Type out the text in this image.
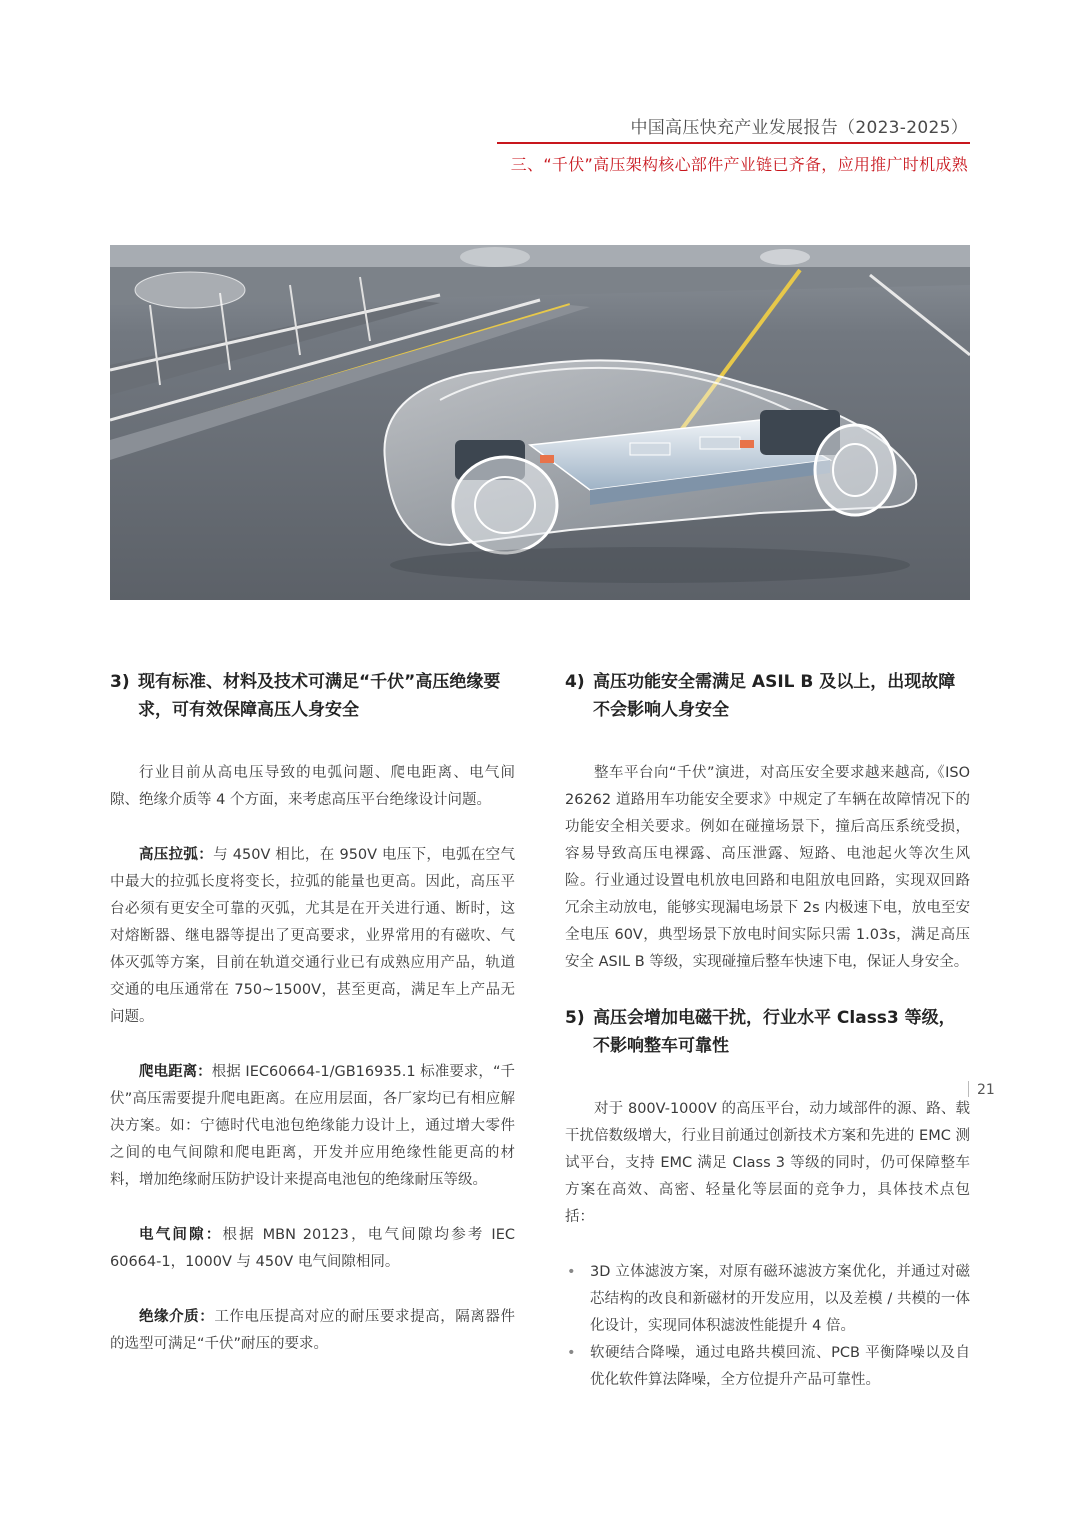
中国高压快充产业发展报告（2023-2025）
三、“千伏”高压架构核心部件产业链已齐备，应用推广时机成熟
3) 现有标准、材料及技术可满足“千伏”高压绝缘要求，可有效保障高压人身安全

行业目前从高电压导致的电弧问题、爬电距离、电气间隙、绝缘介质等 4 个方面，来考虑高压平台绝缘设计问题。

高压拉弧：与 450V 相比，在 950V 电压下，电弧在空气中最大的拉弧长度将变长，拉弧的能量也更高。因此，高压平台必须有更安全可靠的灭弧，尤其是在开关进行通、断时，这对熔断器、继电器等提出了更高要求，业界常用的有磁吹、气体灭弧等方案，目前在轨道交通行业已有成熟应用产品，轨道交通的电压通常在 750~1500V，甚至更高，满足车上产品无问题。

爬电距离：根据 IEC60664-1/GB16935.1 标准要求，“千伏”高压需要提升爬电距离。在应用层面，各厂家均已有相应解决方案。如：宁德时代电池包绝缘能力设计上，通过增大零件之间的电气间隙和爬电距离，开发并应用绝缘性能更高的材料，增加绝缘耐压防护设计来提高电池包的绝缘耐压等级。

电气间隙：根据 MBN 20123，电气间隙均参考 IEC 60664-1，1000V 与 450V 电气间隙相同。

绝缘介质：工作电压提高对应的耐压要求提高，隔离器件的选型可满足“千伏”耐压的要求。

4) 高压功能安全需满足 ASIL B 及以上，出现故障不会影响人身安全

整车平台向“千伏”演进，对高压安全要求越来越高,《ISO 26262 道路用车功能安全要求》中规定了车辆在故障情况下的功能安全相关要求。例如在碰撞场景下，撞后高压系统受损，容易导致高压电裸露、高压泄露、短路、电池起火等次生风险。行业通过设置电机放电回路和电阻放电回路，实现双回路冗余主动放电，能够实现漏电场景下 2s 内极速下电，放电至安全电压 60V，典型场景下放电时间实际只需 1.03s，满足高压安全 ASIL B 等级，实现碰撞后整车快速下电，保证人身安全。

5) 高压会增加电磁干扰，行业水平 Class3 等级，不影响整车可靠性

对于 800V-1000V 的高压平台，动力域部件的源、路、载干扰倍数级增大，行业目前通过创新技术方案和先进的 EMC 测试平台，支持 EMC 满足 Class 3 等级的同时，仍可保障整车方案在高效、高密、轻量化等层面的竞争力，具体技术点包括：

• 3D 立体滤波方案，对原有磁环滤波方案优化，并通过对磁芯结构的改良和新磁材的开发应用，以及差模 / 共模的一体化设计，实现同体积滤波性能提升 4 倍。
• 软硬结合降噪，通过电路共模回流、PCB 平衡降噪以及自优化软件算法降噪，全方位提升产品可靠性。
21
